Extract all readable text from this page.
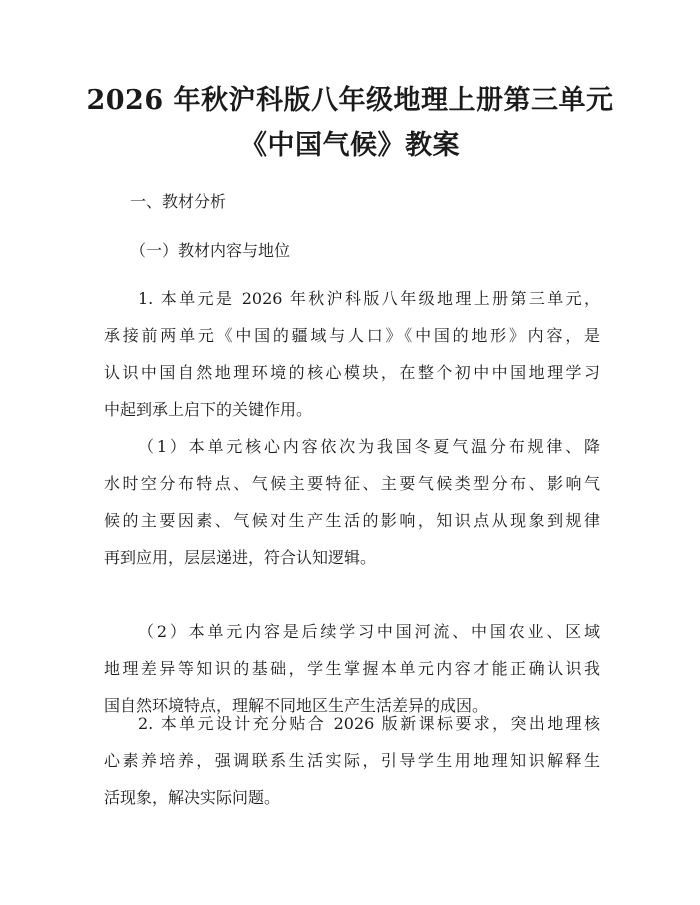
2026 年秋沪科版八年级地理上册第三单元
《中国气候》教案

一、教材分析

（一）教材内容与地位

1. 本单元是 2026 年秋沪科版八年级地理上册第三单元，
承接前两单元《中国的疆域与人口》《中国的地形》内容，是
认识中国自然地理环境的核心模块，在整个初中中国地理学习
中起到承上启下的关键作用。
（1）本单元核心内容依次为我国冬夏气温分布规律、降
水时空分布特点、气候主要特征、主要气候类型分布、影响气
候的主要因素、气候对生产生活的影响，知识点从现象到规律
再到应用，层层递进，符合认知逻辑。
（2）本单元内容是后续学习中国河流、中国农业、区域
地理差异等知识的基础，学生掌握本单元内容才能正确认识我
国自然环境特点，理解不同地区生产生活差异的成因。
2. 本单元设计充分贴合 2026 版新课标要求，突出地理核
心素养培养，强调联系生活实际，引导学生用地理知识解释生
活现象，解决实际问题。
